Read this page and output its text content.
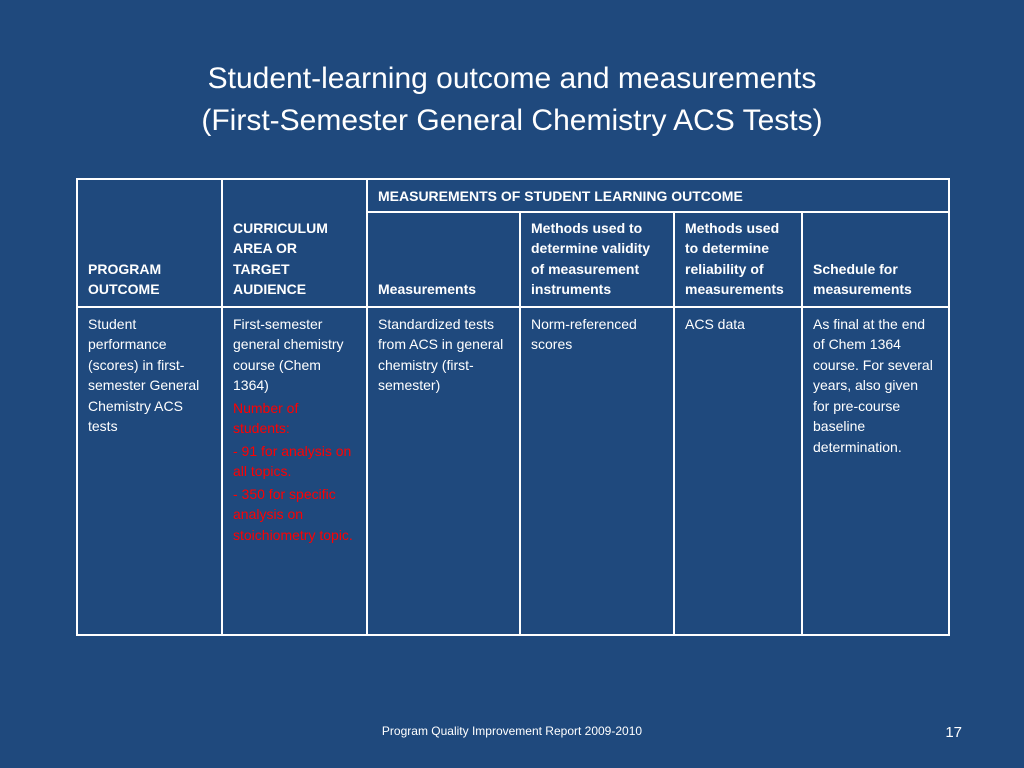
Student-learning outcome and measurements
(First-Semester General Chemistry ACS Tests)
PROGRAM OUTCOME	CURRICULUM AREA OR TARGET AUDIENCE	MEASUREMENTS OF STUDENT LEARNING OUTCOME			
		Measurements	Methods used to determine validity of measurement instruments	Methods used to determine reliability of measurements	Schedule for measurements
Student performance (scores) in first-semester General Chemistry ACS tests	First-semester general chemistry course (Chem 1364)
Number of students:
- 91 for analysis on all topics.
- 350 for specific analysis on stoichiometry topic.	Standardized tests from ACS in general chemistry (first-semester)	Norm-referenced scores	ACS data	As final at the end of Chem 1364 course. For several years, also given for pre-course baseline determination.
Program Quality Improvement Report 2009-2010	17
